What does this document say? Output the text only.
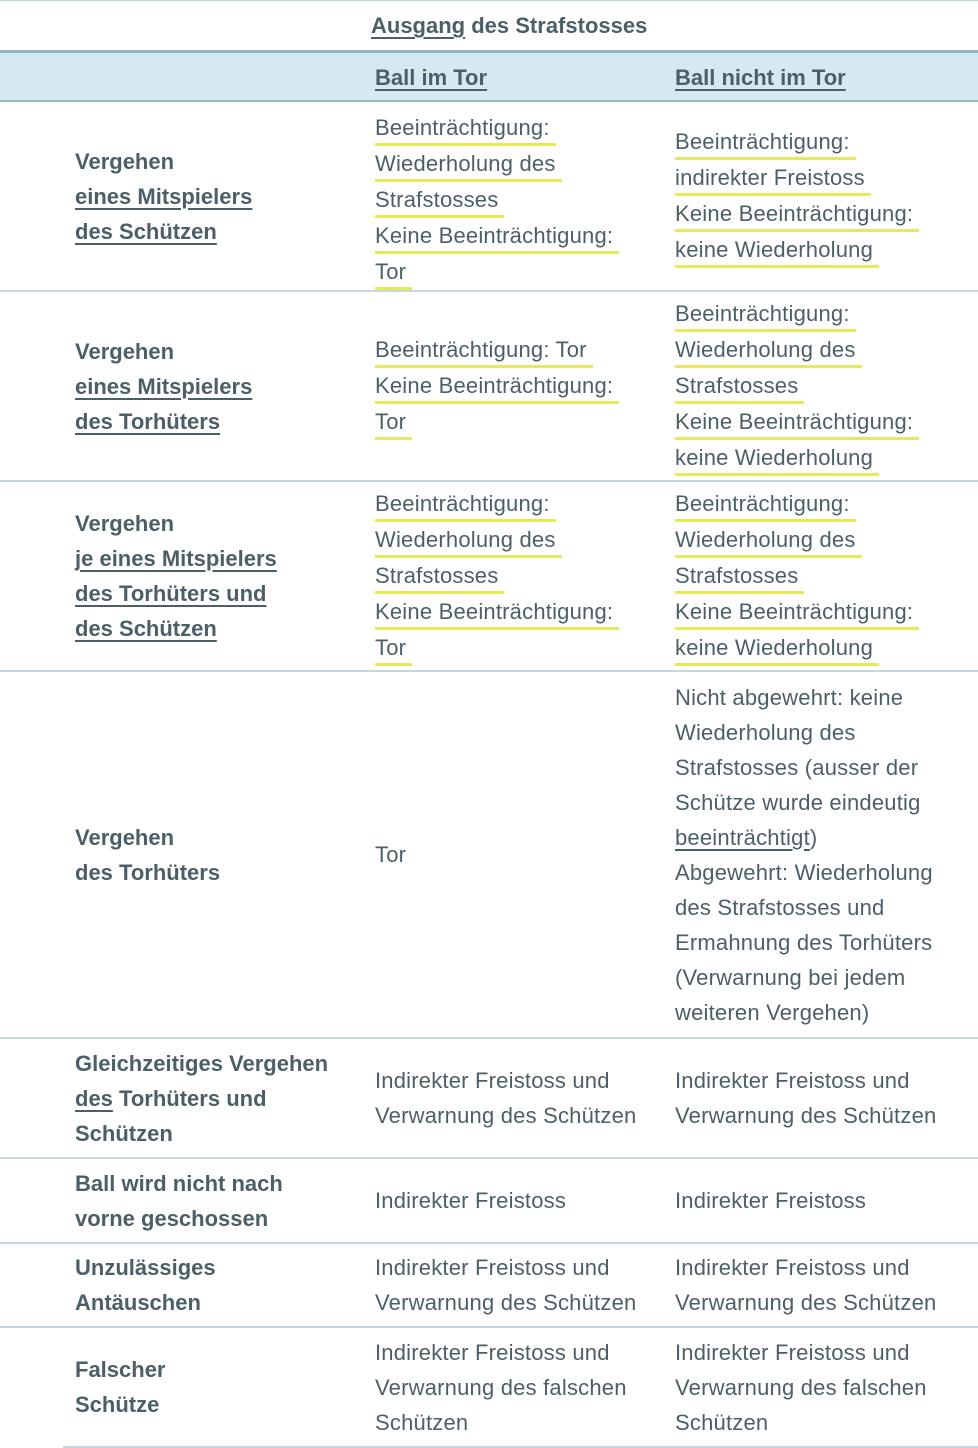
Ausgang des Strafstosses
Ball im Tor	Ball nicht im Tor
Vergehen
eines Mitspielers
des Schützen
Beeinträchtigung:
Wiederholung des
Strafstosses
Keine Beeinträchtigung:
Tor
Beeinträchtigung:
indirekter Freistoss
Keine Beeinträchtigung:
keine Wiederholung
Vergehen
eines Mitspielers
des Torhüters
Beeinträchtigung: Tor
Keine Beeinträchtigung:
Tor
Beeinträchtigung:
Wiederholung des
Strafstosses
Keine Beeinträchtigung:
keine Wiederholung
Vergehen
je eines Mitspielers
des Torhüters und
des Schützen
Beeinträchtigung:
Wiederholung des
Strafstosses
Keine Beeinträchtigung:
Tor
Beeinträchtigung:
Wiederholung des
Strafstosses
Keine Beeinträchtigung:
keine Wiederholung
Vergehen
des Torhüters
Tor
Nicht abgewehrt: keine
Wiederholung des
Strafstosses (ausser der
Schütze wurde eindeutig
beeinträchtigt)
Abgewehrt: Wiederholung
des Strafstosses und
Ermahnung des Torhüters
(Verwarnung bei jedem
weiteren Vergehen)
Gleichzeitiges Vergehen
des Torhüters und
Schützen
Indirekter Freistoss und Verwarnung des Schützen
Indirekter Freistoss und Verwarnung des Schützen
Ball wird nicht nach
vorne geschossen
Indirekter Freistoss	Indirekter Freistoss
Unzulässiges
Antäuschen
Indirekter Freistoss und Verwarnung des Schützen
Indirekter Freistoss und Verwarnung des Schützen
Falscher
Schütze
Indirekter Freistoss und Verwarnung des falschen Schützen
Indirekter Freistoss und Verwarnung des falschen Schützen
